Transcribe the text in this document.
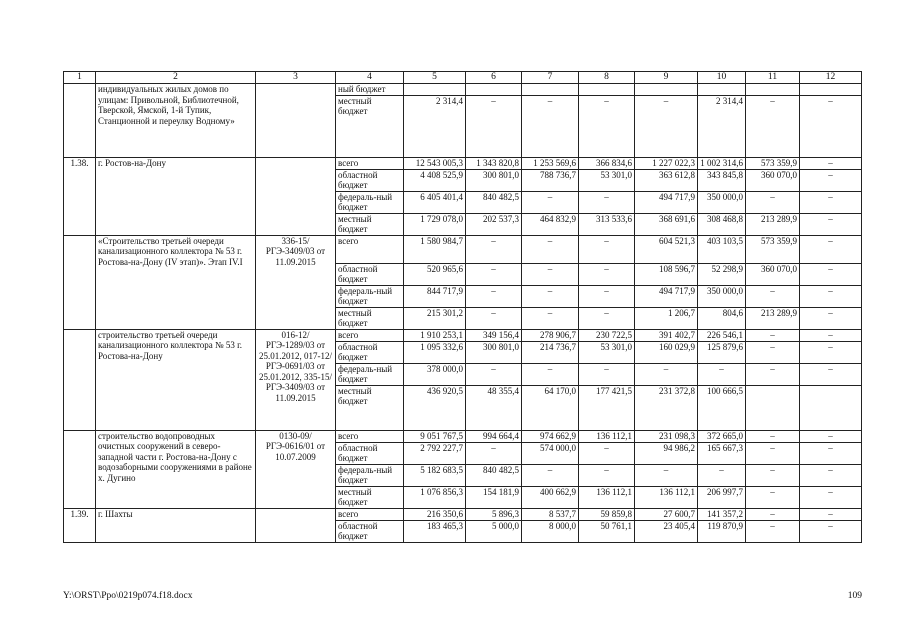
1	2	3	4	5	6	7	8	9	10	11	12
	индивидуальных жилых домов по улицам: Привольной, Библиотечной, Тверской, Ямской, 1-й Тупик, Станционной и переулку Водному»		ный бюджет								
			местный бюджет	2 314,4	–	–	–	–	2 314,4	–	–
1.38.	г. Ростов-на-Дону		всего	12 543 005,3	1 343 820,8	1 253 569,6	366 834,6	1 227 022,3	1 002 314,6	573 359,9	–
			областной бюджет	4 408 525,9	300 801,0	788 736,7	53 301,0	363 612,8	343 845,8	360 070,0	–
			федераль-ный бюджет	6 405 401,4	840 482,5	–	–	494 717,9	350 000,0	–	–
			местный бюджет	1 729 078,0	202 537,3	464 832,9	313 533,6	368 691,6	308 468,8	213 289,9	–
	«Строительство третьей очереди канализационного коллектора № 53 г. Ростова-на-Дону (IV этап)». Этап IV.I	336-15/РГЭ-3409/03 от 11.09.2015	всего	1 580 984,7	–	–	–	604 521,3	403 103,5	573 359,9	–
			областной бюджет	520 965,6	–	–	–	108 596,7	52 298,9	360 070,0	–
			федераль-ный бюджет	844 717,9	–	–	–	494 717,9	350 000,0	–	–
			местный бюджет	215 301,2	–	–	–	1 206,7	804,6	213 289,9	–
	строительство третьей очереди канализационного коллектора № 53 г. Ростова-на-Дону	016-12/РГЭ-1289/03 от 25.01.2012, 017-12/РГЭ-0691/03 от 25.01.2012, 335-15/РГЭ-3409/03 от 11.09.2015	всего	1 910 253,1	349 156,4	278 906,7	230 722,5	391 402,7	226 546,1	–	–
			областной бюджет	1 095 332,6	300 801,0	214 736,7	53 301,0	160 029,9	125 879,6	–	–
			федераль-ный бюджет	378 000,0	–	–	–	–	–	–	–
			местный бюджет	436 920,5	48 355,4	64 170,0	177 421,5	231 372,8	100 666,5		
	строительство водопроводных очистных сооружений в северо-западной части г. Ростова-на-Дону с водозаборными сооружениями в районе х. Дугино	0130-09/РГЭ-0616/01 от 10.07.2009	всего	9 051 767,5	994 664,4	974 662,9	136 112,1	231 098,3	372 665,0	–	–
			областной бюджет	2 792 227,7	–	574 000,0	–	94 986,2	165 667,3	–	–
			федераль-ный бюджет	5 182 683,5	840 482,5	–	–	–	–	–	–
			местный бюджет	1 076 856,3	154 181,9	400 662,9	136 112,1	136 112,1	206 997,7	–	–
1.39.	г. Шахты		всего	216 350,6	5 896,3	8 537,7	59 859,8	27 600,7	141 357,2	–	–
			областной бюджет	183 465,3	5 000,0	8 000,0	50 761,1	23 405,4	119 870,9	–	–
Y:\ORST\Ppo\0219p074.f18.docx	109
